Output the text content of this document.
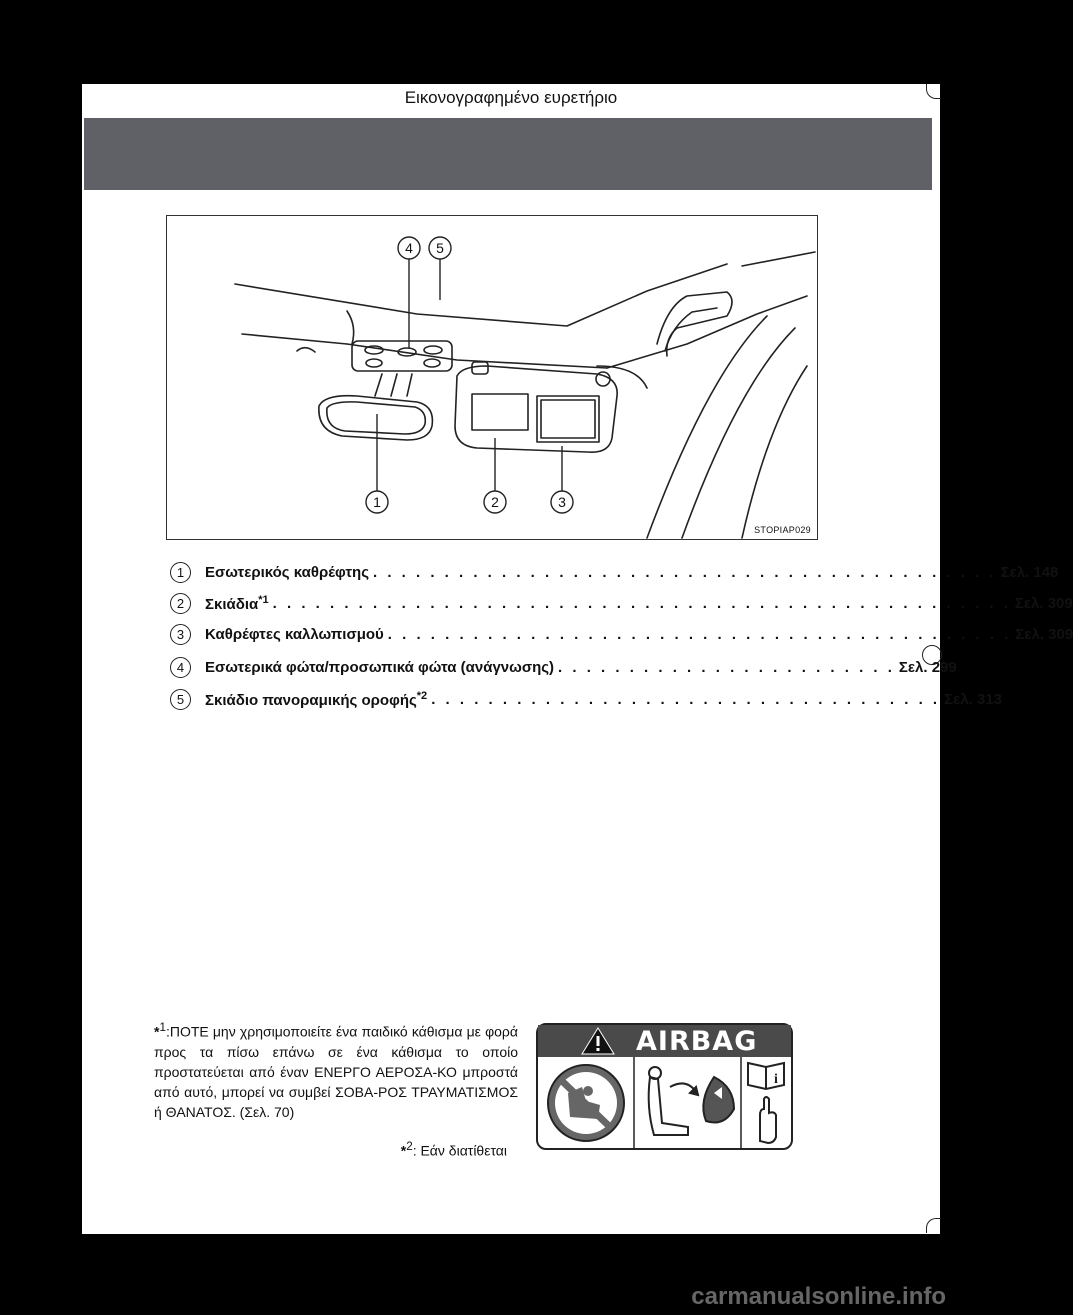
Εικονογραφημένο ευρετήριο
4 5
1	2	3
STOPIAP029
1	Εσωτερικός καθρέφτης . . . . . . . . . . . . . . . . . . . . . . . . . . . . . . . . . . . . . . . . . . . . Σελ. 148
2	Σκιάδια$^{*1}$ . . . . . . . . . . . . . . . . . . . . . . . . . . . . . . . . . . . . . . . . . . . . . . . . . . . . Σελ. 309
3	Καθρέφτες καλλωπισμού . . . . . . . . . . . . . . . . . . . . . . . . . . . . . . . . . . . . . . . . . . . . Σελ. 309
4	Εσωτερικά φώτα/προσωπικά φώτα (ανάγνωσης) . . . . . . . . . . . . . . . . . . . . . . . . Σελ. 299
5	Σκιάδιο πανοραμικής οροφής$^{*2}$ . . . . . . . . . . . . . . . . . . . . . . . . . . . . . . . . . . . . Σελ. 313
*$^1$:ΠΟΤΕ μην χρησιμοποιείτε ένα παιδικό κάθισμα με φορά προς τα πίσω επάνω σε ένα κάθισμα το οποίο προστατεύεται από έναν ΕΝΕΡΓΟ ΑΕΡΟΣΑ-ΚΟ μπροστά από αυτό, μπορεί να συμβεί ΣΟΒΑ-ΡΟΣ ΤΡΑΥΜΑΤΙΣΜΟΣ ή ΘΑΝΑΤΟΣ. (Σελ. 70)
*$^2$: Εάν διατίθεται
AIRBAG
i
carmanualsonline.info
